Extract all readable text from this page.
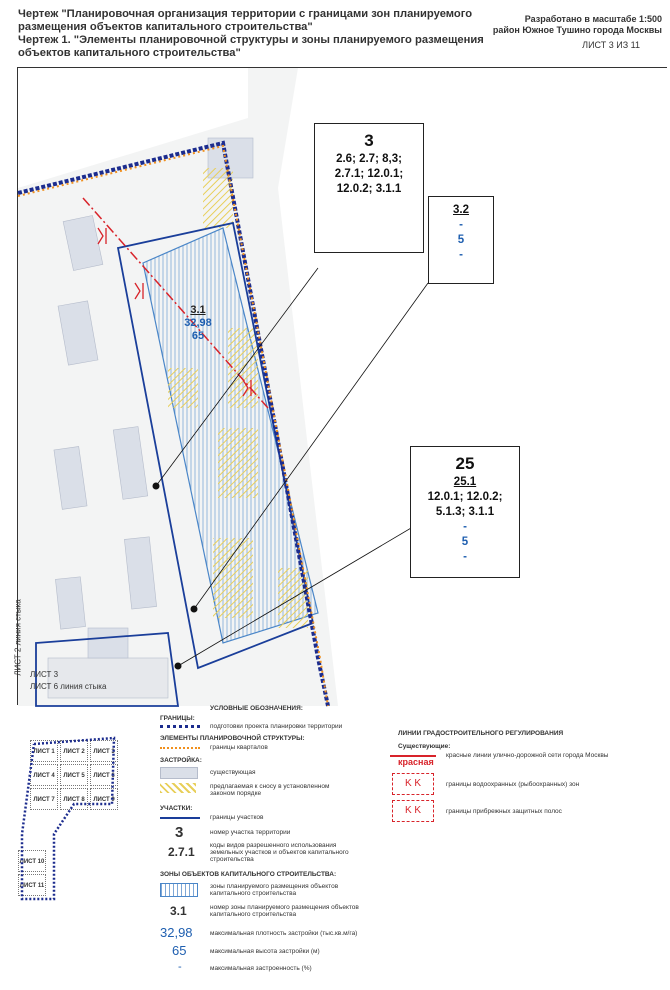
Чертеж "Планировочная организация территории с границами зон планируемого
размещения объектов капитального строительства"
Чертеж 1. "Элементы планировочной структуры и зоны планируемого размещения
объектов капитального строительства"
Разработано в масштабе 1:500
район Южное Тушино города Москвы
ЛИСТ 3 ИЗ 11
3
2.6; 2.7; 8,3;
2.7.1; 12.0.1;
12.0.2; 3.1.1
3.2
-
5
-
25
25.1
12.0.1; 12.0.2;
5.1.3; 3.1.1
-
5
-
3.1
32,98
65
ЛИСТ 2 линия стыка ЛИСТ 3
ЛИСТ 6 линия стыка
УСЛОВНЫЕ ОБОЗНАЧЕНИЯ:
ЛИСТ 1	ЛИСТ 2	ЛИСТ 3
ЛИСТ 4	ЛИСТ 5	ЛИСТ 6
ЛИСТ 7	ЛИСТ 8	ЛИСТ 9
ЛИСТ 10
ЛИСТ 11
ГРАНИЦЫ:
подготовки проекта планировки территории
ЭЛЕМЕНТЫ ПЛАНИРОВОЧНОЙ СТРУКТУРЫ:
границы кварталов
ЗАСТРОЙКА:
существующая
предлагаемая к сносу в установленном законом порядке
УЧАСТКИ:
границы участков
3	номер участка территории
2.7.1 коды видов разрешенного использования земельных участков и объектов капитального строительства
ЗОНЫ ОБЪЕКТОВ КАПИТАЛЬНОГО СТРОИТЕЛЬСТВА:
зоны планируемого размещения объектов капитального строительства
3.1	номер зоны планируемого размещения объектов капитального строительства
32,98	максимальная плотность застройки (тыс.кв.м/га)
65	максимальная высота застройки (м)
-	максимальная застроенность (%)
ЛИНИИ ГРАДОСТРОИТЕЛЬНОГО РЕГУЛИРОВАНИЯ
Существующие:
красная
красные линии улично-дорожной сети города Москвы
K K	границы водоохранных (рыбоохранных) зон
K K	границы прибрежных защитных полос
